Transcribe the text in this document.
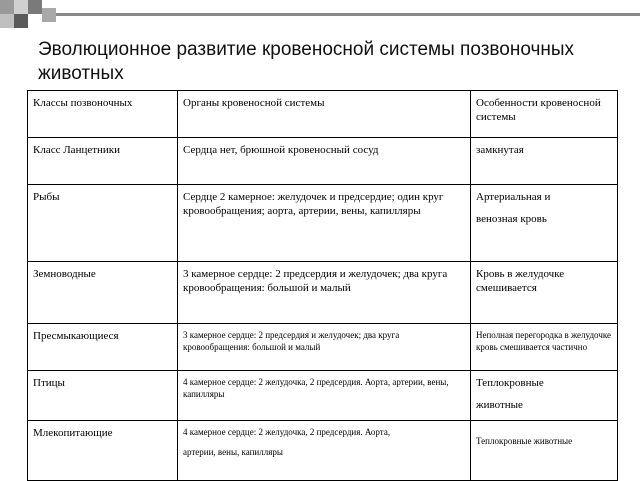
Эволюционное развитие кровеносной системы позвоночных животных
Классы позвоночных	Органы кровеносной системы	Особенности кровеносной системы
Класс Ланцетники	Сердца нет, брюшной кровеносный сосуд	замкнутая
Рыбы	Сердце 2 камерное: желудочек и предсердие; один круг кровообращения; аорта, артерии, вены, капилляры	Артериальная и
венозная кровь
Земноводные	3 камерное сердце: 2 предсердия и желудочек; два круга кровообращения: большой и малый	Кровь в желудочке смешивается
Пресмыкающиеся	3 камерное сердце: 2 предсердия и желудочек; два круга кровообращения: большой и малый	Неполная перегородка в желудочке кровь смешивается частично
Птицы	4 камерное сердце: 2 желудочка, 2 предсердия. Аорта, артерии, вены, капилляры	Теплокровные
животные
Млекопитающие	4 камерное сердце: 2 желудочка, 2 предсердия. Аорта,
артерии, вены, капилляры	Теплокровные животные
